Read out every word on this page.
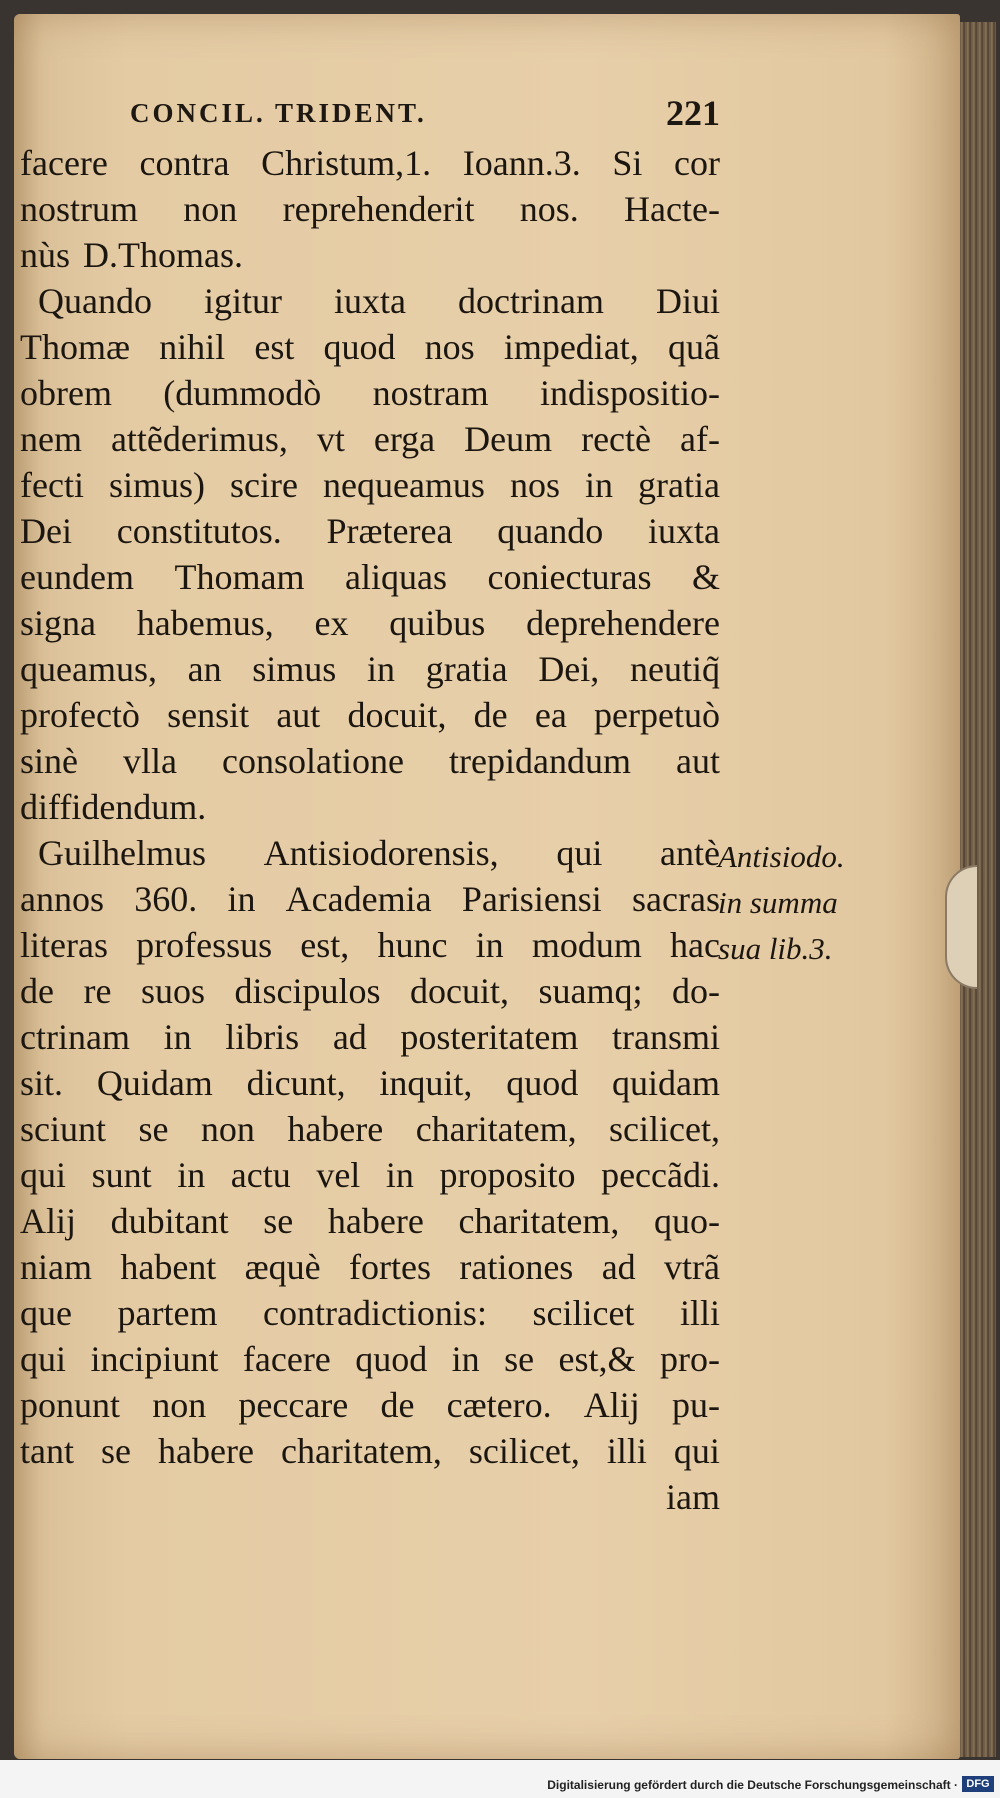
CONCIL. TRIDENT.	221
facere contra Christum,1. Ioann.3. Si cor
nostrum non reprehenderit nos. Hacte-
nùs D.Thomas.
Quando igitur iuxta doctrinam Diui
Thomæ nihil est quod nos impediat, quã
obrem (dummodò nostram indispositio-
nem attẽderimus, vt erga Deum rectè af-
fecti simus) scire nequeamus nos in gratia
Dei constitutos. Præterea quando iuxta
eundem Thomam aliquas coniecturas &
signa habemus, ex quibus deprehendere
queamus, an simus in gratia Dei, neutiq̃
profectò sensit aut docuit, de ea perpetuò
sinè vlla consolatione trepidandum aut
diffidendum.
Guilhelmus Antisiodorensis, qui antè
annos 360. in Academia Parisiensi sacras
literas professus est, hunc in modum hac
de re suos discipulos docuit, suamq; do-
ctrinam in libris ad posteritatem transmi
sit. Quidam dicunt, inquit, quod quidam
sciunt se non habere charitatem, scilicet,
qui sunt in actu vel in proposito peccãdi.
Alij dubitant se habere charitatem, quo-
niam habent æquè fortes rationes ad vtrã
que partem contradictionis: scilicet illi
qui incipiunt facere quod in se est,& pro-
ponunt non peccare de cætero. Alij pu-
tant se habere charitatem, scilicet, illi qui
iam
Antisiodo.
in summa
sua lib.3.
Digitalisierung gefördert durch die Deutsche Forschungsgemeinschaft · DFG
